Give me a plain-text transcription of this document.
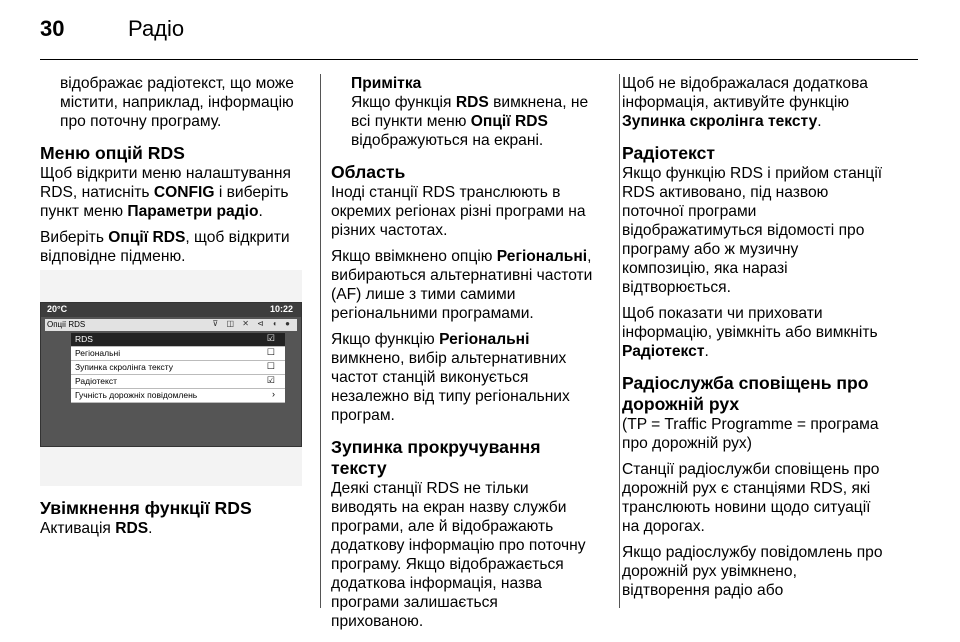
30	Радіо

відображає радіотекст, що може містити, наприклад, інформацію про поточну програму.

Меню опцій RDS

Щоб відкрити меню налаштування RDS, натисніть CONFIG і виберіть пункт меню Параметри радіо.

Виберіть Опції RDS, щоб відкрити відповідне підменю.

20°C	10:22
Опції RDS	⊽ ◫ ✕ ⊲ ◖ ●
RDS	☑
Регіональні	☐
Зупинка скролінга тексту	☐
Радіотекст	☑
Гучність дорожніх повідомлень	›
Увімкнення функції RDS

Активація RDS.

Примітка

Якщо функція RDS вимкнена, не всі пункти меню Опції RDS відображуються на екрані.

Область

Іноді станції RDS транслюють в окремих регіонах різні програми на різних частотах.

Якщо ввімкнено опцію Регіональні, вибираються альтернативні частоти (AF) лише з тими самими регіональними програмами.

Якщо функцію Регіональні вимкнено, вибір альтернативних частот станцій виконується незалежно від типу регіональних програм.

Зупинка прокручування тексту

Деякі станції RDS не тільки виводять на екран назву служби програми, але й відображають додаткову інформацію про поточну програму. Якщо відображається додаткова інформація, назва програми залишається прихованою.

Щоб не відображалася додаткова інформація, активуйте функцію Зупинка скролінга тексту.

Радіотекст

Якщо функцію RDS і прийом станції RDS активовано, під назвою поточної програми відображатимуться відомості про програму або ж музичну композицію, яка наразі відтворюється.

Щоб показати чи приховати інформацію, увімкніть або вимкніть Радіотекст.

Радіослужба сповіщень про дорожній рух

(TP = Traffic Programme = програма про дорожній рух)

Станції радіослужби сповіщень про дорожній рух є станціями RDS, які транслюють новини щодо ситуації на дорогах.

Якщо радіослужбу повідомлень про дорожній рух увімкнено, відтворення радіо або
